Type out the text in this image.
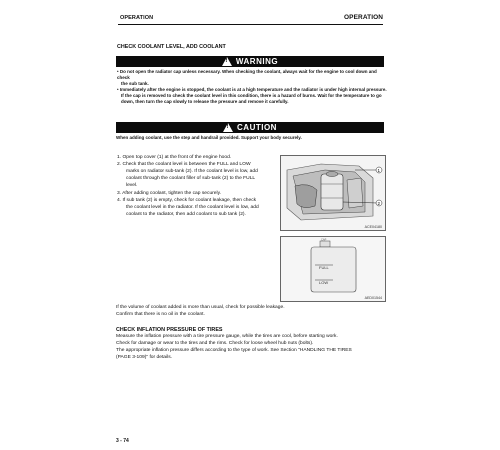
OPERATION	OPERATION
CHECK COOLANT LEVEL, ADD COOLANT
!
WARNING
• Do not open the radiator cap unless necessary. When checking the coolant, always wait for the engine to cool down and check
the sub tank.
• Immediately after the engine is stopped, the coolant is at a high temperature and the radiator is under high internal pressure.
If the cap is removed to check the coolant level in this condition, there is a hazard of burns. Wait for the temperature to go
down, then turn the cap slowly to release the pressure and remove it carefully.
!
CAUTION
When adding coolant, use the step and handrail provided. Support your body securely.
1. Open top cover (1) at the front of the engine hood.
2. Check that the coolant level is between the FULL and LOW
marks on radiator sub-tank (2). If the coolant level is low, add
coolant through the coolant filler of sub-tank (2) to the FULL
level.
3. After adding coolant, tighten the cap securely.
4. If sub tank (2) is empty, check for coolant leakage, then check
the coolant level in the radiator. If the coolant level is low, add
coolant to the radiator, then add coolant to sub tank (2).
1
2
ACE04180
FULL
LOW
CAP
AED01544
If the volume of coolant added is more than usual, check for possible leakage.
Confirm that there is no oil in the coolant.
CHECK INFLATION PRESSURE OF TIRES
Measure the inflation pressure with a tire pressure gauge, while the tires are cool, before starting work.
Check for damage or wear to the tires and the rims. Check for loose wheel hub nuts (bolts).
The appropriate inflation pressure differs according to the type of work. See Section "HANDLING THE TIRES
(PAGE 3-109)" for details.
3 - 74
